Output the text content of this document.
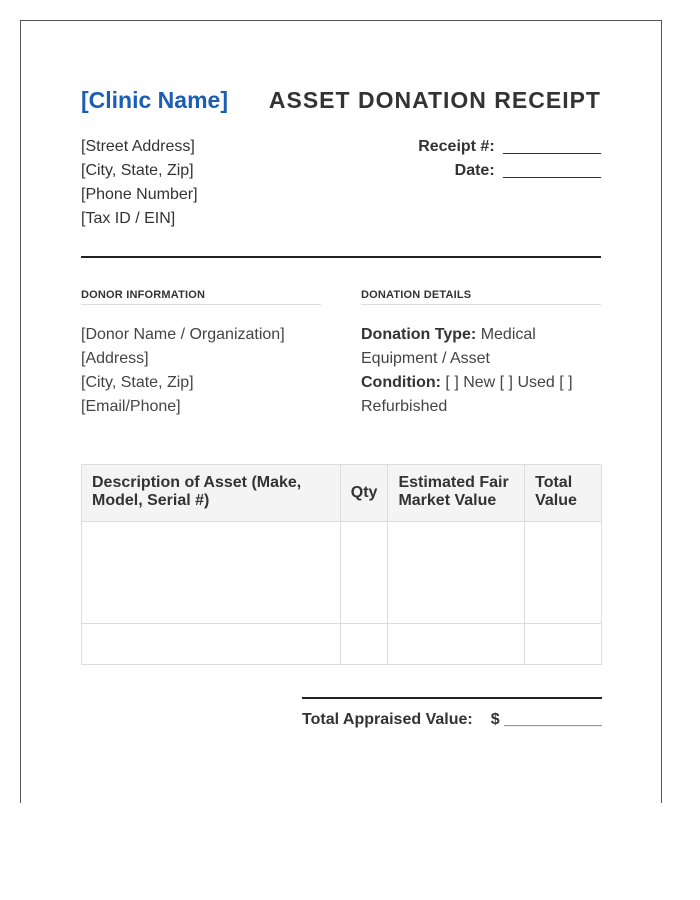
[Clinic Name] ASSET DONATION RECEIPT
[Street Address]
[City, State, Zip]
[Phone Number]
[Tax ID / EIN]
Receipt #: ___________
Date: ___________
DONOR INFORMATION
[Donor Name / Organization]
[Address]
[City, State, Zip]
[Email/Phone]
DONATION DETAILS
Donation Type: Medical Equipment / Asset
Condition: [ ] New [ ] Used [ ] Refurbished
Description of Asset (Make, Model, Serial #)	Qty	Estimated Fair Market Value	Total Value

Total Appraised Value: $ ___________
